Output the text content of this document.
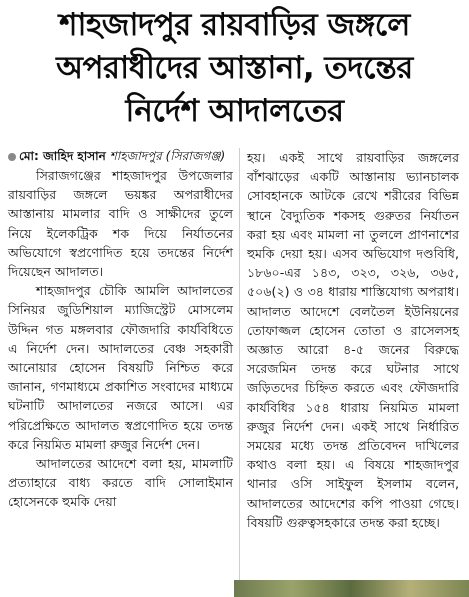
শাহজাদপুর রায়বাড়ির জঙ্গলে
অপরাধীদের আস্তানা, তদন্তের
নির্দেশ আদালতের
মো: জাহিদ হাসান শাহজাদপুর (সিরাজগঞ্জ)

সিরাজগঞ্জের শাহজাদপুর উপজেলার রায়বাড়ির জঙ্গলে ভয়ঙ্কর অপরাধীদের আস্তানায় মামলার বাদি ও সাক্ষীদের তুলে নিয়ে ইলেকট্রিক শক দিয়ে নির্যাতনের অভিযোগে স্বপ্রণোদিত হয়ে তদন্তের নির্দেশ দিয়েছেন আদালত।

শাহজাদপুর চৌকি আমলি আদালতের সিনিয়র জুডিশিয়াল ম্যাজিস্ট্রেট মোসলেম উদ্দিন গত মঙ্গলবার ফৌজদারি কার্যবিধিতে এ নির্দেশ দেন। আদালতের বেঞ্চ সহকারী আনোয়ার হোসেন বিষয়টি নিশ্চিত করে জানান, গণমাধ্যমে প্রকাশিত সংবাদের মাধ্যমে ঘটনাটি আদালতের নজরে আসে। এর পরিপ্রেক্ষিতে আদালত স্বপ্রণোদিত হয়ে তদন্ত করে নিয়মিত মামলা রুজুর নির্দেশ দেন।

আদালতের আদেশে বলা হয়, মামলাটি প্রত্যাহারে বাধ্য করতে বাদি সোলাইমান হোসেনকে হুমকি দেয়া

হয়। একই সাথে রায়বাড়ির জঙ্গলের বাঁশঝাড়ের একটি আস্তানায় ভ্যানচালক সোবহানকে আটকে রেখে শরীরের বিভিন্ন স্থানে বৈদ্যুতিক শকসহ গুরুতর নির্যাতন করা হয় এবং মামলা না তুললে প্রাণনাশের হুমকি দেয়া হয়। এসব অভিযোগ দণ্ডবিধি, ১৮৬০-এর ১৪৩, ৩২৩, ৩২৬, ৩৬৫, ৫০৬(২) ও ৩৪ ধারায় শাস্তিযোগ্য অপরাধ। আদালত আদেশে বেলতৈল ইউনিয়নের তোফাজ্জল হোসেন তোতা ও রাসেলসহ অজ্ঞাত আরো ৪-৫ জনের বিরুদ্ধে সরেজমিন তদন্ত করে ঘটনার সাথে জড়িতদের চিহ্নিত করতে এবং ফৌজদারি কার্যবিধির ১৫৪ ধারায় নিয়মিত মামলা রুজুর নির্দেশ দেন। একই সাথে নির্ধারিত সময়ের মধ্যে তদন্ত প্রতিবেদন দাখিলের কথাও বলা হয়। এ বিষয়ে শাহজাদপুর থানার ওসি সাইফুল ইসলাম বলেন, আদালতের আদেশের কপি পাওয়া গেছে। বিষয়টি গুরুত্বসহকারে তদন্ত করা হচ্ছে।
